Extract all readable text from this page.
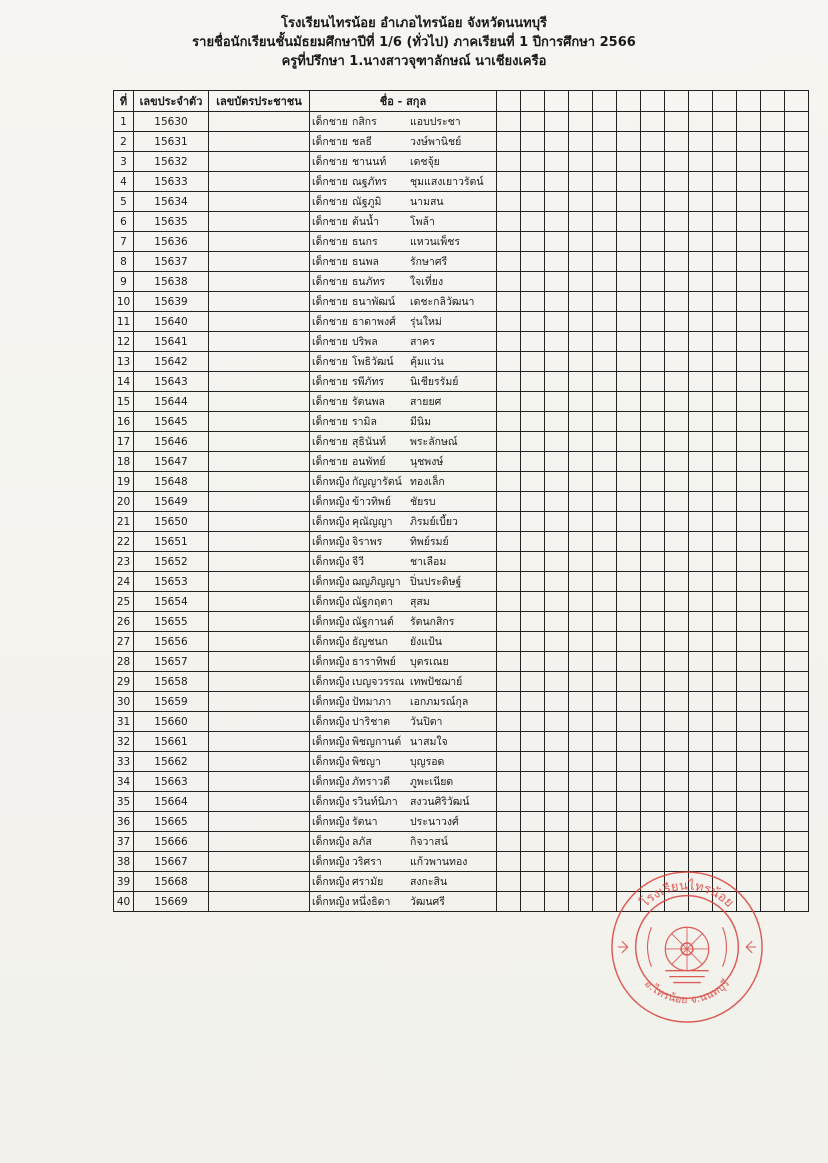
โรงเรียนไทรน้อย อำเภอไทรน้อย จังหวัดนนทบุรี
รายชื่อนักเรียนชั้นมัธยมศึกษาปีที่ 1/6 (ทั่วไป) ภาคเรียนที่ 1 ปีการศึกษา 2566
ครูที่ปรึกษา 1.นางสาวจุฑาลักษณ์ นาเชียงเครือ
ที่	เลขประจำตัว	เลขบัตรประชาชน	ชื่อ - สกุล													
1	15630		เด็กชาย กสิกร แอบประชา													
2	15631		เด็กชาย ชลธี วงษ์พานิชย์													
3	15632		เด็กชาย ชานนท์ เดชจุ้ย													
4	15633		เด็กชาย ณฐภัทร ชุมแสงเยาวรัตน์													
5	15634		เด็กชาย ณัฐภูมิ นามสน													
6	15635		เด็กชาย ต้นน้ำ โพล้า													
7	15636		เด็กชาย ธนกร แหวนเพ็ชร													
8	15637		เด็กชาย ธนพล รักษาศรี													
9	15638		เด็กชาย ธนภัทร ใจเที่ยง													
10	15639		เด็กชาย ธนาพัฒน์ เดชะกลิวัฒนา													
11	15640		เด็กชาย ธาดาพงศ์ รุ่นใหม่													
12	15641		เด็กชาย ปริพล สาคร													
13	15642		เด็กชาย โพธิวัฒน์ คุ้มแว่น													
14	15643		เด็กชาย รพีภัทร นิเชียรรัมย์													
15	15644		เด็กชาย รัตนพล สายยศ													
16	15645		เด็กชาย รามิล มีนิม													
17	15646		เด็กชาย สุธินันท์ พระลักษณ์													
18	15647		เด็กชาย อนพัทย์ นุชพงษ์													
19	15648		เด็กหญิง กัญญารัตน์ ทองเล็ก													
20	15649		เด็กหญิง ข้าวทิพย์ ชัยรบ													
21	15650		เด็กหญิง คุณัญญา ภิรมย์เบี้ยว													
22	15651		เด็กหญิง จิราพร ทิพย์รมย์													
23	15652		เด็กหญิง จีวี ชาเลือม													
24	15653		เด็กหญิง ฌญภิญญา ปิ่นประดิษฐ์													
25	15654		เด็กหญิง ณัฐกฤตา สุสม													
26	15655		เด็กหญิง ณัฐกานต์ รัตนกสิกร													
27	15656		เด็กหญิง ธัญชนก ยังแป้น													
28	15657		เด็กหญิง ธาราทิพย์ บุตรเณย													
29	15658		เด็กหญิง เบญจวรรณ เทพปัชฌาย์													
30	15659		เด็กหญิง ปัทมาภา เอกภมรณ์กุล													
31	15660		เด็กหญิง ปาริชาต วันปิตา													
32	15661		เด็กหญิง พิชญกานต์ นาสมใจ													
33	15662		เด็กหญิง พิชญา บุญรอด													
34	15663		เด็กหญิง ภัทราวดี ภูพะเนียด													
35	15664		เด็กหญิง รวินท์นิภา สงวนศิริวัฒน์													
36	15665		เด็กหญิง รัตนา ประนาวงศ์													
37	15666		เด็กหญิง ลภัส กิจวาสน์													
38	15667		เด็กหญิง วริศรา แก้วพานทอง													
39	15668		เด็กหญิง ศรามัย สงกะสิน													
40	15669		เด็กหญิง หนึ่งธิดา วัฒนศรี														โรงเรียนไทรน้อย
อ.ไทรน้อย จ.นนทบุรี
